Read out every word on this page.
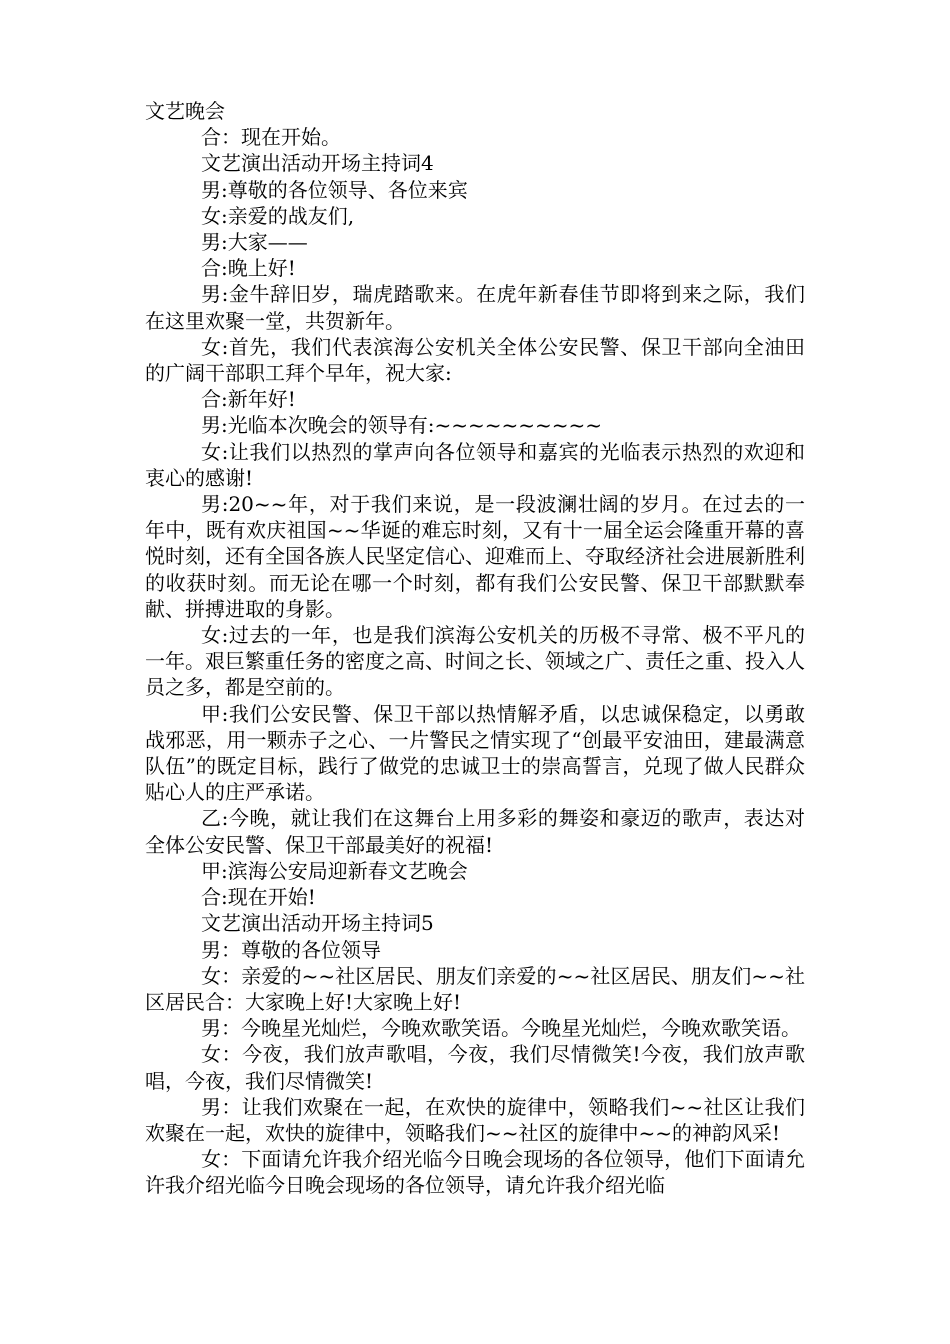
文艺晚会

合：现在开始。

文艺演出活动开场主持词4

男:尊敬的各位领导、各位来宾

女:亲爱的战友们,

男:大家——

合:晚上好!

男:金牛辞旧岁，瑞虎踏歌来。在虎年新春佳节即将到来之际，我们在这里欢聚一堂，共贺新年。

女:首先，我们代表滨海公安机关全体公安民警、保卫干部向全油田的广阔干部职工拜个早年，祝大家:

合:新年好!

男:光临本次晚会的领导有:~~~~~~~~~~

女:让我们以热烈的掌声向各位领导和嘉宾的光临表示热烈的欢迎和衷心的感谢!

男:20~~年，对于我们来说，是一段波澜壮阔的岁月。在过去的一年中，既有欢庆祖国~~华诞的难忘时刻，又有十一届全运会隆重开幕的喜悦时刻，还有全国各族人民坚定信心、迎难而上、夺取经济社会进展新胜利的收获时刻。而无论在哪一个时刻，都有我们公安民警、保卫干部默默奉献、拼搏进取的身影。

女:过去的一年，也是我们滨海公安机关的历极不寻常、极不平凡的一年。艰巨繁重任务的密度之高、时间之长、领域之广、责任之重、投入人员之多，都是空前的。

甲:我们公安民警、保卫干部以热情解矛盾，以忠诚保稳定，以勇敢战邪恶，用一颗赤子之心、一片警民之情实现了“创最平安油田，建最满意队伍”的既定目标，践行了做党的忠诚卫士的崇高誓言，兑现了做人民群众贴心人的庄严承诺。

乙:今晚，就让我们在这舞台上用多彩的舞姿和豪迈的歌声，表达对全体公安民警、保卫干部最美好的祝福!

甲:滨海公安局迎新春文艺晚会

合:现在开始!

文艺演出活动开场主持词5

男：尊敬的各位领导

女：亲爱的~~社区居民、朋友们亲爱的~~社区居民、朋友们~~社区居民合：大家晚上好!大家晚上好!

男：今晚星光灿烂，今晚欢歌笑语。今晚星光灿烂，今晚欢歌笑语。

女：今夜，我们放声歌唱，今夜，我们尽情微笑!今夜，我们放声歌唱，今夜，我们尽情微笑!

男：让我们欢聚在一起，在欢快的旋律中，领略我们~~社区让我们欢聚在一起，欢快的旋律中，领略我们~~社区的旋律中~~的神韵风采!

女：下面请允许我介绍光临今日晚会现场的各位领导，他们下面请允许我介绍光临今日晚会现场的各位领导，请允许我介绍光临
